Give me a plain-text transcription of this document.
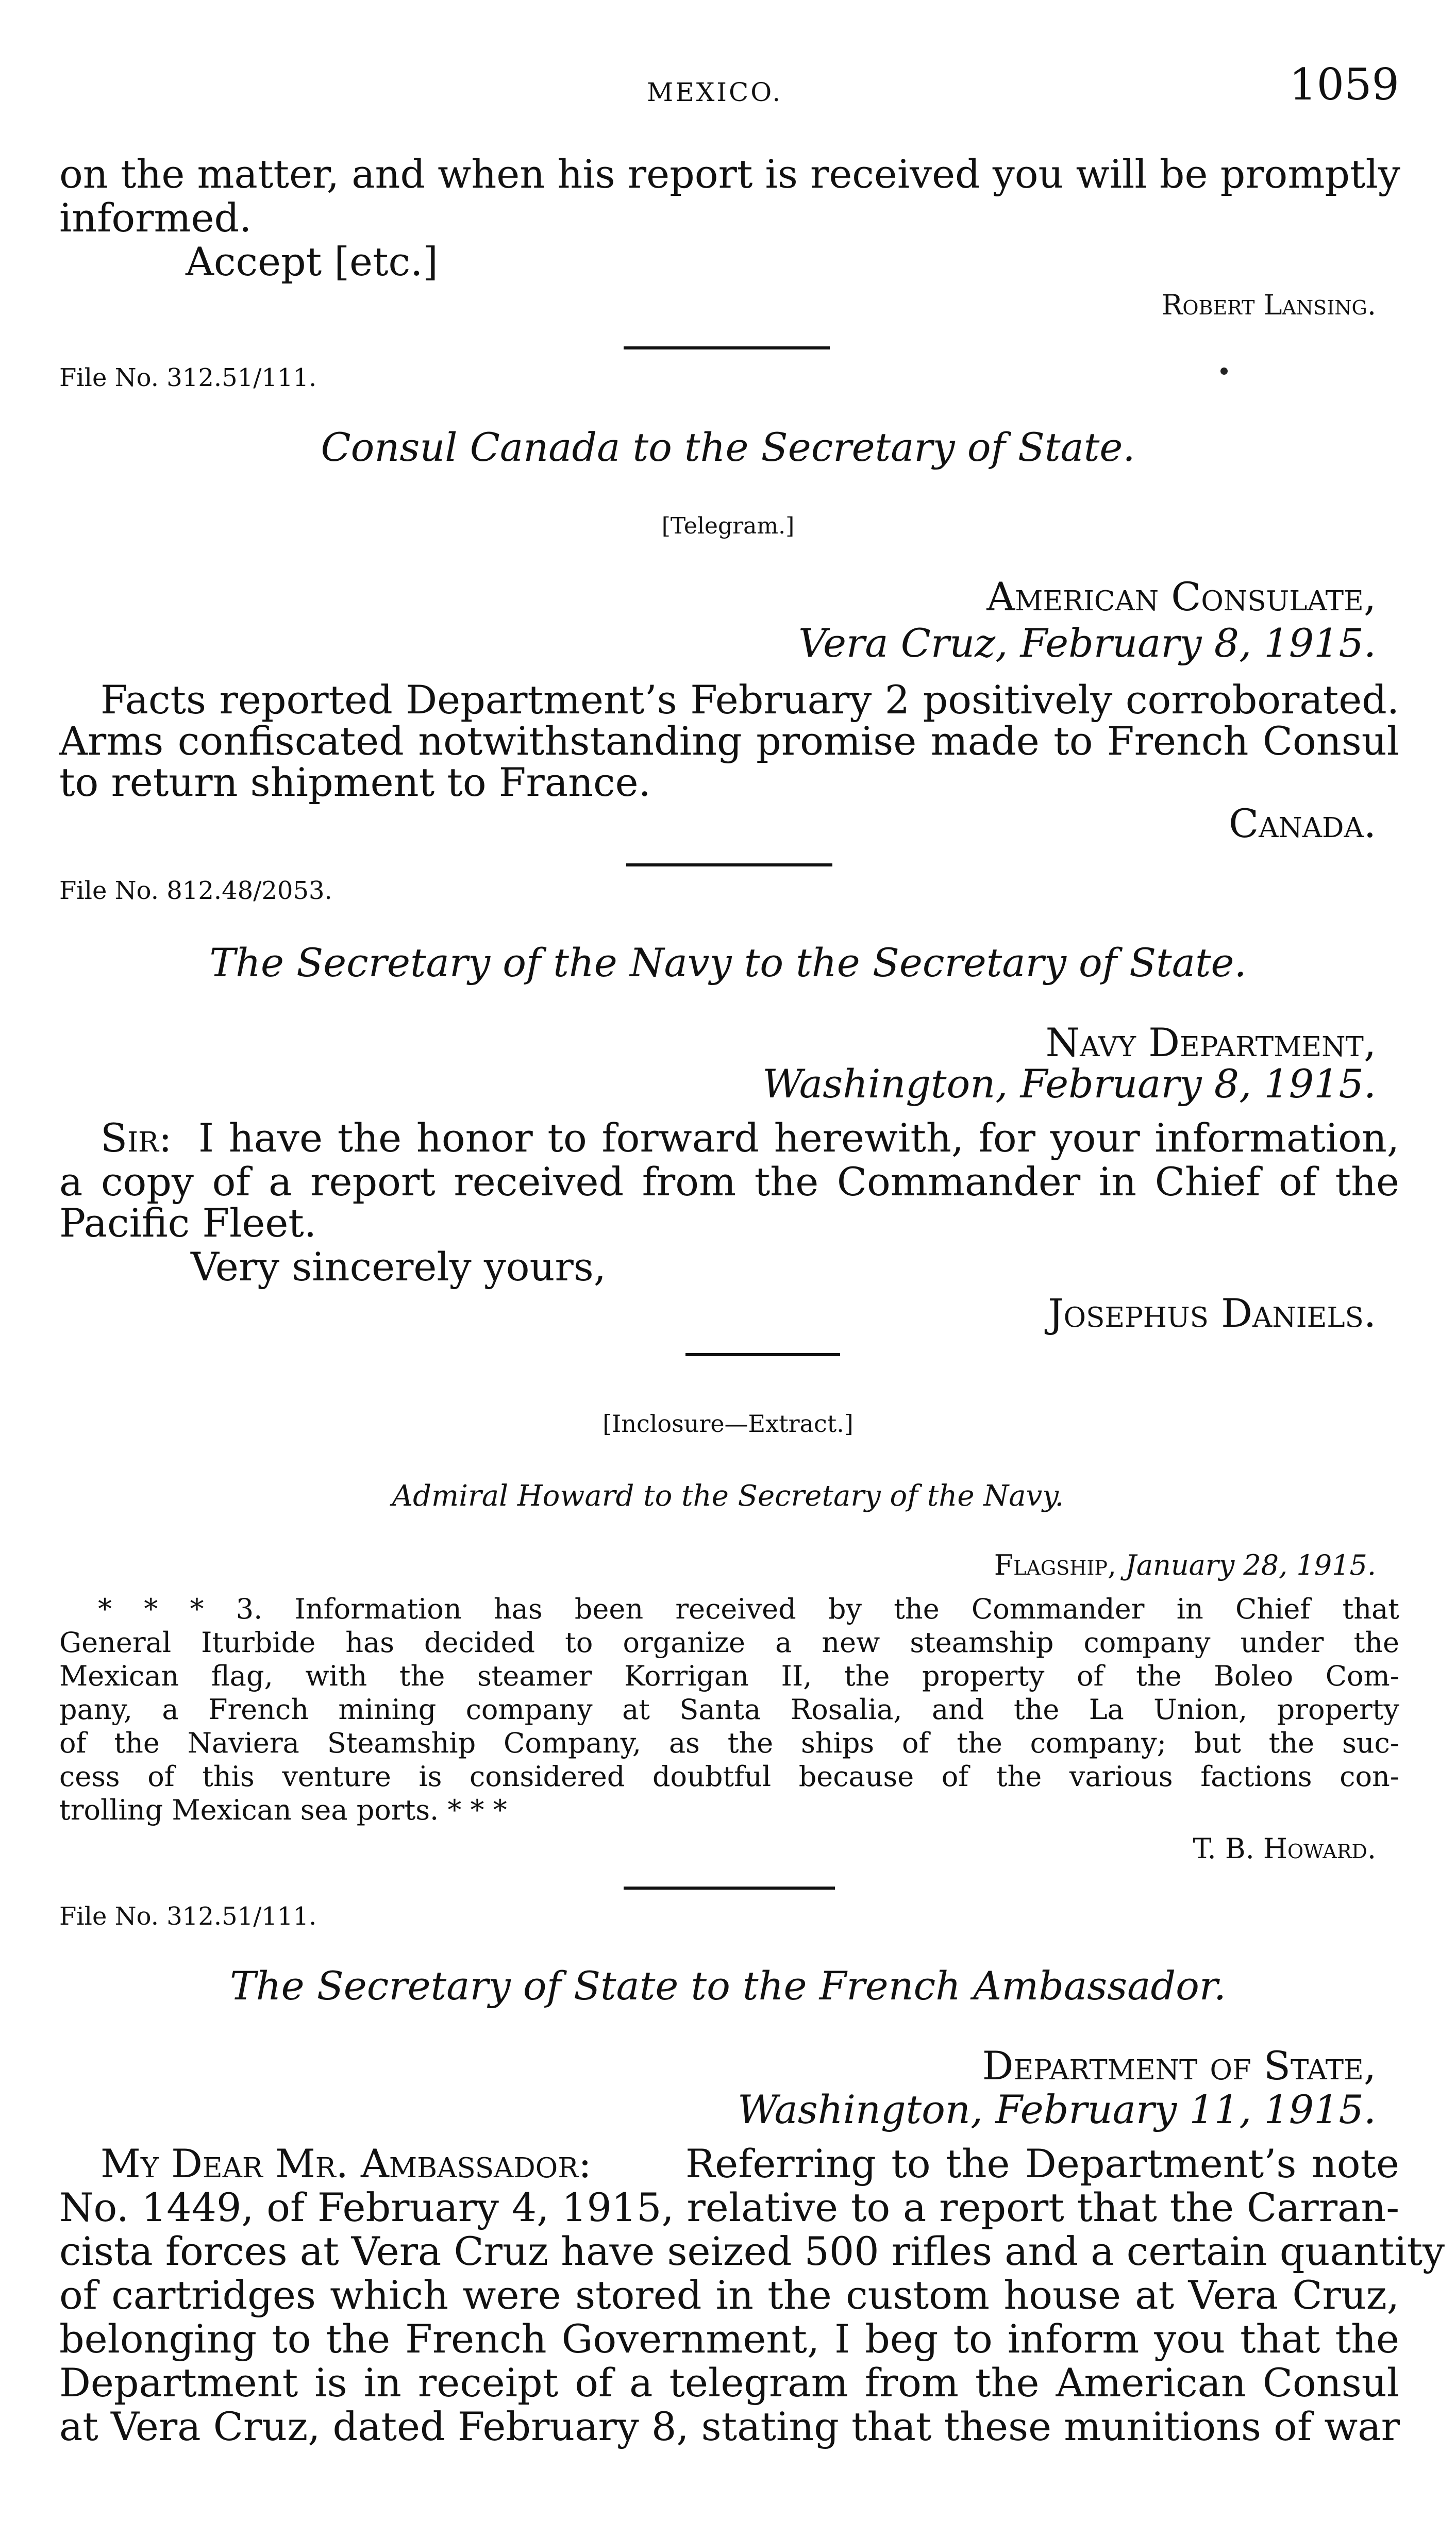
MEXICO.	1059
on the matter, and when his report is received you will be promptly
informed.
Accept [etc.]
Robert Lansing.
File No. 312.51/111.
Consul Canada to the Secretary of State.
[Telegram.]
American Consulate,
Vera Cruz, February 8, 1915.
Facts reported Department’s February 2 positively corroborated.
Arms confiscated notwithstanding promise made to French Consul
to return shipment to France.
Canada.
File No. 812.48/2053.
The Secretary of the Navy to the Secretary of State.
Navy Department,
Washington, February 8, 1915.
Sir: I have the honor to forward herewith, for your information,
a copy of a report received from the Commander in Chief of the
Pacific Fleet.
Very sincerely yours,
Josephus Daniels.
[Inclosure—Extract.]
Admiral Howard to the Secretary of the Navy.
Flagship, January 28, 1915.
* * * 3. Information has been received by the Commander in Chief that
General Iturbide has decided to organize a new steamship company under the
Mexican flag, with the steamer Korrigan II, the property of the Boleo Com-
pany, a French mining company at Santa Rosalia, and the La Union, property
of the Naviera Steamship Company, as the ships of the company; but the suc-
cess of this venture is considered doubtful because of the various factions con-
trolling Mexican sea ports. * * *
T. B. Howard.
File No. 312.51/111.
The Secretary of State to the French Ambassador.
Department of State,
Washington, February 11, 1915.
My Dear Mr. Ambassador: Referring to the Department’s note
No. 1449, of February 4, 1915, relative to a report that the Carran-
cista forces at Vera Cruz have seized 500 rifles and a certain quantity
of cartridges which were stored in the custom house at Vera Cruz,
belonging to the French Government, I beg to inform you that the
Department is in receipt of a telegram from the American Consul
at Vera Cruz, dated February 8, stating that these munitions of war
